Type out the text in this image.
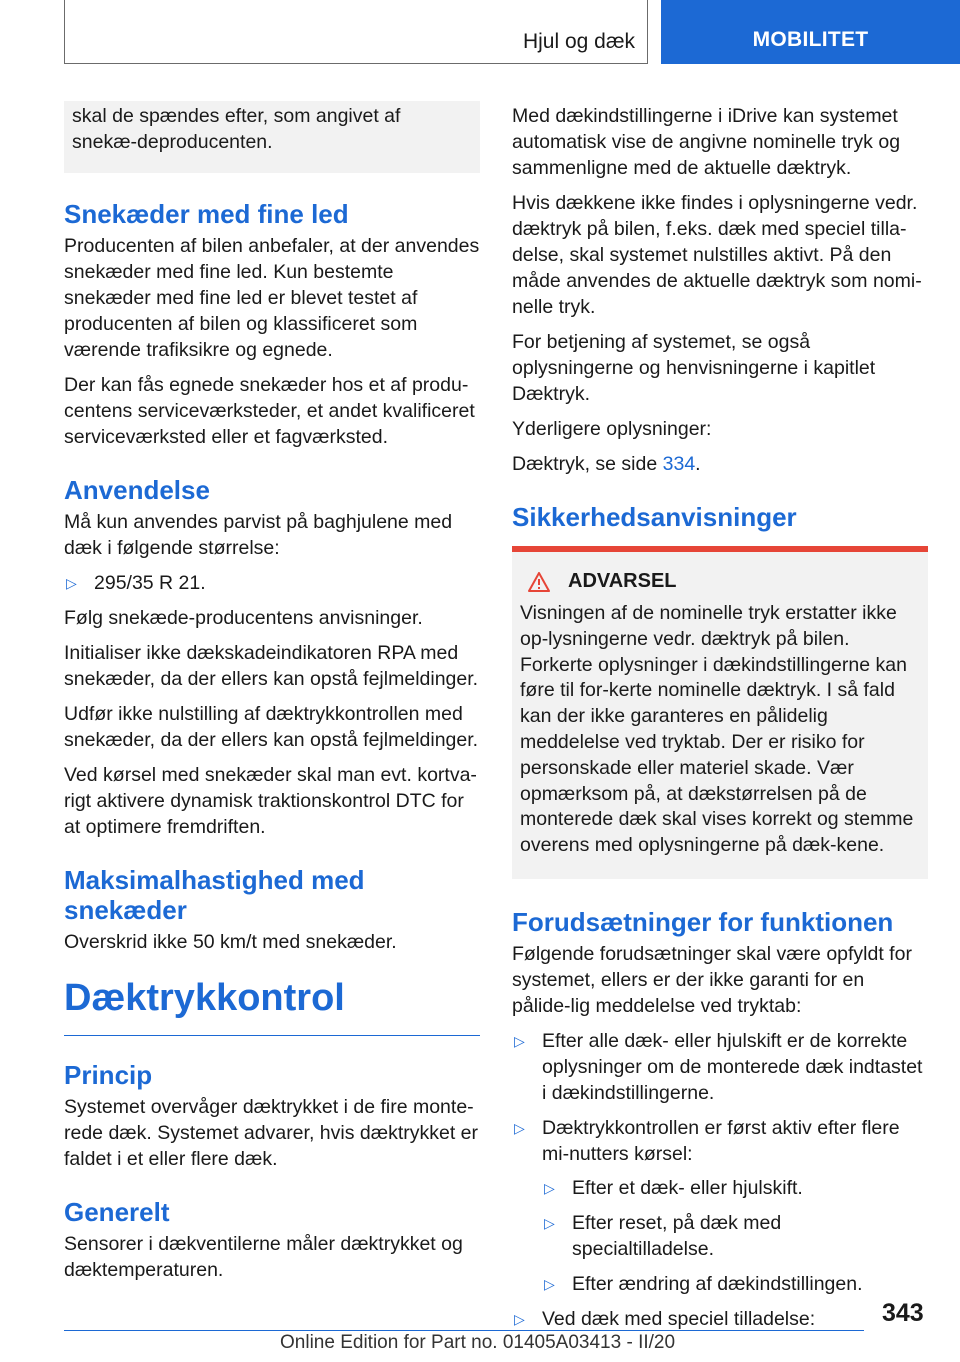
Hjul og dæk	MOBILITET

skal de spændes efter, som angivet af snekæ-deproducenten.

Snekæder med fine led

Producenten af bilen anbefaler, at der anvendes snekæder med fine led. Kun bestemte snekæder med fine led er blevet testet af producenten af bilen og klassificeret som værende trafiksikre og egnede.

Der kan fås egnede snekæder hos et af produ-centens serviceværksteder, et andet kvalificeret serviceværksted eller et fagværksted.

Anvendelse

Må kun anvendes parvist på baghjulene med dæk i følgende størrelse:

▷ 295/35 R 21.

Følg snekæde-producentens anvisninger.

Initialiser ikke dækskadeindikatoren RPA med snekæder, da der ellers kan opstå fejlmeldinger.

Udfør ikke nulstilling af dæktrykkontrollen med snekæder, da der ellers kan opstå fejlmeldinger.

Ved kørsel med snekæder skal man evt. kortva-rigt aktivere dynamisk traktionskontrol DTC for at optimere fremdriften.

Maksimalhastighed med snekæder

Overskrid ikke 50 km/t med snekæder.

Dæktrykkontrol
Princip

Systemet overvåger dæktrykket i de fire monte-rede dæk. Systemet advarer, hvis dæktrykket er faldet i et eller flere dæk.

Generelt

Sensorer i dækventilerne måler dæktrykket og dæktemperaturen.

Med dækindstillingerne i iDrive kan systemet automatisk vise de angivne nominelle tryk og sammenligne med de aktuelle dæktryk.

Hvis dækkene ikke findes i oplysningerne vedr. dæktryk på bilen, f.eks. dæk med speciel tilla-delse, skal systemet nulstilles aktivt. På den måde anvendes de aktuelle dæktryk som nomi-nelle tryk.

For betjening af systemet, se også oplysningerne og henvisningerne i kapitlet Dæktryk.

Yderligere oplysninger:

Dæktryk, se side 334.

Sikkerhedsanvisninger
ADVARSEL

Visningen af de nominelle tryk erstatter ikke op-lysningerne vedr. dæktryk på bilen. Forkerte oplysninger i dækindstillingerne kan føre til for-kerte nominelle dæktryk. I så fald kan der ikke garanteres en pålidelig meddelelse ved tryktab. Der er risiko for personskade eller materiel skade. Vær opmærksom på, at dækstørrelsen på de monterede dæk skal vises korrekt og stemme overens med oplysningerne på dæk-kene.

Forudsætninger for funktionen

Følgende forudsætninger skal være opfyldt for systemet, ellers er der ikke garanti for en pålide-lig meddelelse ved tryktab:

▷ Efter alle dæk- eller hjulskift er de korrekte oplysninger om de monterede dæk indtastet i dækindstillingerne.
▷ Dæktrykkontrollen er først aktiv efter flere mi-nutters kørsel:
▷ Efter et dæk- eller hjulskift.
▷ Efter reset, på dæk med specialtilladelse.
▷ Efter ændring af dækindstillingen.
▷ Ved dæk med speciel tilladelse:	343
Online Edition for Part no. 01405A03413 - II/20
